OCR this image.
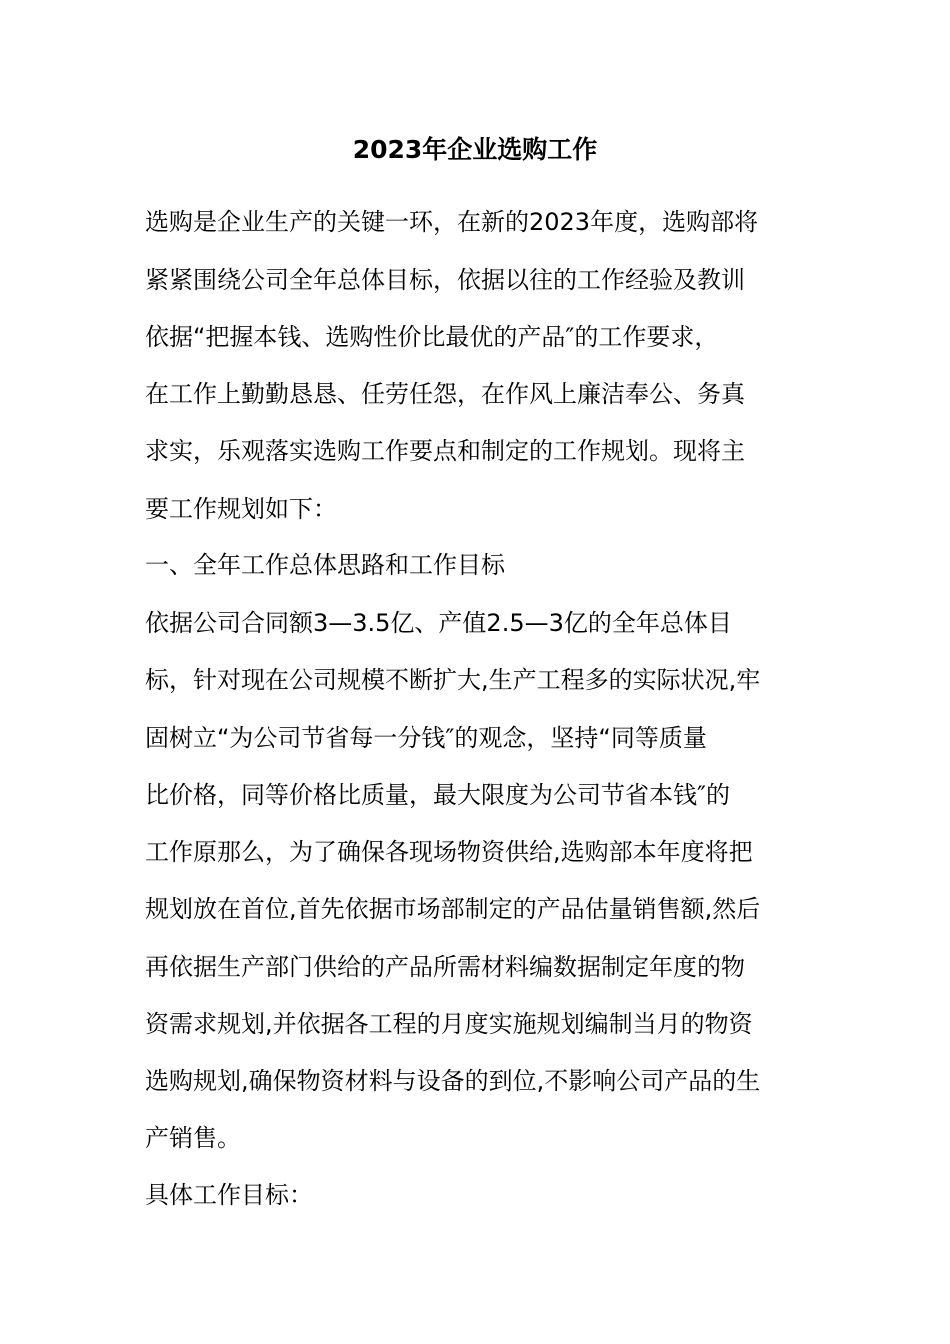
2023年企业选购工作

选购是企业生产的关键一环，在新的2023年度，选购部将

紧紧围绕公司全年总体目标，依据以往的工作经验及教训

依据“把握本钱、选购性价比最优的产品″的工作要求，

在工作上勤勤恳恳、任劳任怨，在作风上廉洁奉公、务真

求实，乐观落实选购工作要点和制定的工作规划。现将主

要工作规划如下：

一、全年工作总体思路和工作目标

依据公司合同额3—3.5亿、产值2.5—3亿的全年总体目

标，针对现在公司规模不断扩大,生产工程多的实际状况,牢

固树立“为公司节省每一分钱″的观念，坚持“同等质量

比价格，同等价格比质量，最大限度为公司节省本钱″的

工作原那么，为了确保各现场物资供给,选购部本年度将把

规划放在首位,首先依据市场部制定的产品估量销售额,然后

再依据生产部门供给的产品所需材料编数据制定年度的物

资需求规划,并依据各工程的月度实施规划编制当月的物资

选购规划,确保物资材料与设备的到位,不影响公司产品的生

产销售。

具体工作目标：
